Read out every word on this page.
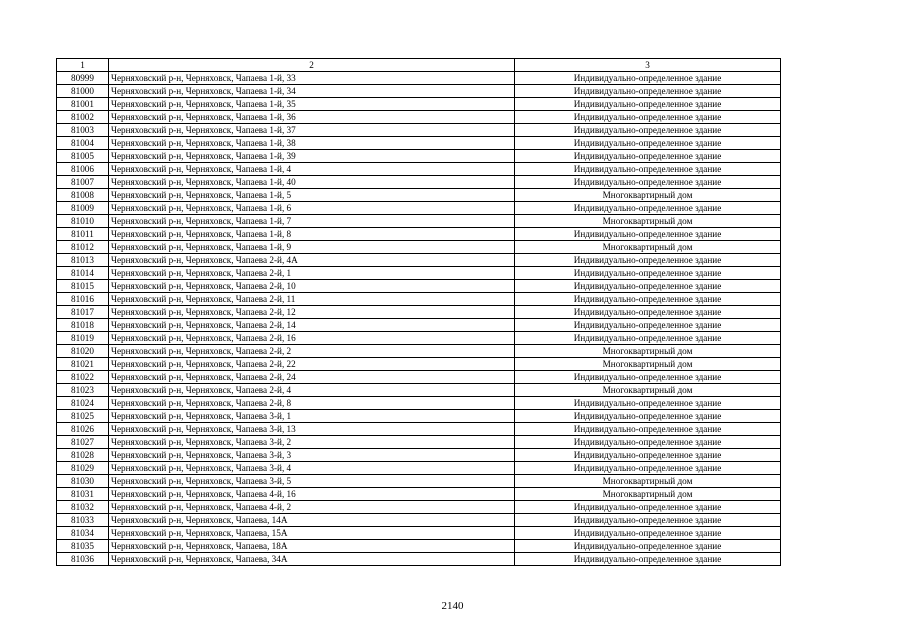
1	2	3
80999	Черняховский р-н, Черняховск, Чапаева 1-й, 33	Индивидуально-определенное здание
81000	Черняховский р-н, Черняховск, Чапаева 1-й, 34	Индивидуально-определенное здание
81001	Черняховский р-н, Черняховск, Чапаева 1-й, 35	Индивидуально-определенное здание
81002	Черняховский р-н, Черняховск, Чапаева 1-й, 36	Индивидуально-определенное здание
81003	Черняховский р-н, Черняховск, Чапаева 1-й, 37	Индивидуально-определенное здание
81004	Черняховский р-н, Черняховск, Чапаева 1-й, 38	Индивидуально-определенное здание
81005	Черняховский р-н, Черняховск, Чапаева 1-й, 39	Индивидуально-определенное здание
81006	Черняховский р-н, Черняховск, Чапаева 1-й, 4	Индивидуально-определенное здание
81007	Черняховский р-н, Черняховск, Чапаева 1-й, 40	Индивидуально-определенное здание
81008	Черняховский р-н, Черняховск, Чапаева 1-й, 5	Многоквартирный дом
81009	Черняховский р-н, Черняховск, Чапаева 1-й, 6	Индивидуально-определенное здание
81010	Черняховский р-н, Черняховск, Чапаева 1-й, 7	Многоквартирный дом
81011	Черняховский р-н, Черняховск, Чапаева 1-й, 8	Индивидуально-определенное здание
81012	Черняховский р-н, Черняховск, Чапаева 1-й, 9	Многоквартирный дом
81013	Черняховский р-н, Черняховск, Чапаева 2-й, 4А	Индивидуально-определенное здание
81014	Черняховский р-н, Черняховск, Чапаева 2-й, 1	Индивидуально-определенное здание
81015	Черняховский р-н, Черняховск, Чапаева 2-й, 10	Индивидуально-определенное здание
81016	Черняховский р-н, Черняховск, Чапаева 2-й, 11	Индивидуально-определенное здание
81017	Черняховский р-н, Черняховск, Чапаева 2-й, 12	Индивидуально-определенное здание
81018	Черняховский р-н, Черняховск, Чапаева 2-й, 14	Индивидуально-определенное здание
81019	Черняховский р-н, Черняховск, Чапаева 2-й, 16	Индивидуально-определенное здание
81020	Черняховский р-н, Черняховск, Чапаева 2-й, 2	Многоквартирный дом
81021	Черняховский р-н, Черняховск, Чапаева 2-й, 22	Многоквартирный дом
81022	Черняховский р-н, Черняховск, Чапаева 2-й, 24	Индивидуально-определенное здание
81023	Черняховский р-н, Черняховск, Чапаева 2-й, 4	Многоквартирный дом
81024	Черняховский р-н, Черняховск, Чапаева 2-й, 8	Индивидуально-определенное здание
81025	Черняховский р-н, Черняховск, Чапаева 3-й, 1	Индивидуально-определенное здание
81026	Черняховский р-н, Черняховск, Чапаева 3-й, 13	Индивидуально-определенное здание
81027	Черняховский р-н, Черняховск, Чапаева 3-й, 2	Индивидуально-определенное здание
81028	Черняховский р-н, Черняховск, Чапаева 3-й, 3	Индивидуально-определенное здание
81029	Черняховский р-н, Черняховск, Чапаева 3-й, 4	Индивидуально-определенное здание
81030	Черняховский р-н, Черняховск, Чапаева 3-й, 5	Многоквартирный дом
81031	Черняховский р-н, Черняховск, Чапаева 4-й, 16	Многоквартирный дом
81032	Черняховский р-н, Черняховск, Чапаева 4-й, 2	Индивидуально-определенное здание
81033	Черняховский р-н, Черняховск, Чапаева, 14А	Индивидуально-определенное здание
81034	Черняховский р-н, Черняховск, Чапаева, 15А	Индивидуально-определенное здание
81035	Черняховский р-н, Черняховск, Чапаева, 18А	Индивидуально-определенное здание
81036	Черняховский р-н, Черняховск, Чапаева, 34А	Индивидуально-определенное здание
2140
